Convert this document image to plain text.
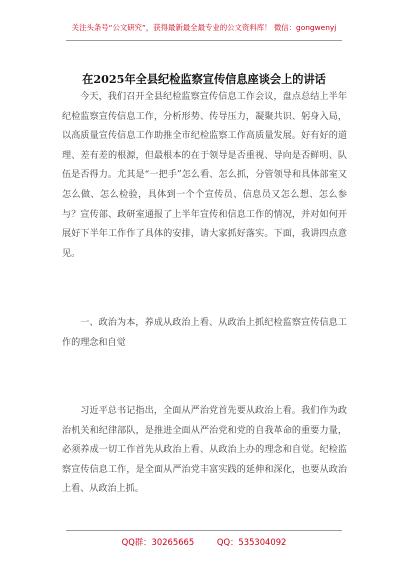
关注头条号“公文研究”，获得最新最全最专业的公文资料库！ 微信：gongwenyj
在2025年全县纪检监察宣传信息座谈会上的讲话

今天，我们召开全县纪检监察宣传信息工作会议，盘点总结上半年纪检监察宣传信息工作，分析形势、传导压力，凝聚共识、躬身入局，以高质量宣传信息工作助推全市纪检监察工作高质量发展。好有好的道理、差有差的根源，但最根本的在于领导是否重视、导向是否鲜明、队伍是否得力。尤其是“一把手”怎么看、怎么抓，分管领导和具体部室又怎么做、怎么检验，具体到一个个宣传员、信息员又怎么想、怎么参与？宣传部、政研室通报了上半年宣传和信息工作的情况，并对如何开展好下半年工作作了具体的安排，请大家抓好落实。下面，我讲四点意见。

一、政治为本，养成从政治上看、从政治上抓纪检监察宣传信息工作的理念和自觉

习近平总书记指出，全面从严治党首先要从政治上看。我们作为政治机关和纪律部队，是推进全面从严治党和党的自我革命的重要力量，必须养成一切工作首先从政治上看、从政治上办的理念和自觉。纪检监察宣传信息工作，是全面从严治党丰富实践的延伸和深化，也要从政治上看、从政治上抓。

QQ群：30265665	QQ：535304092
